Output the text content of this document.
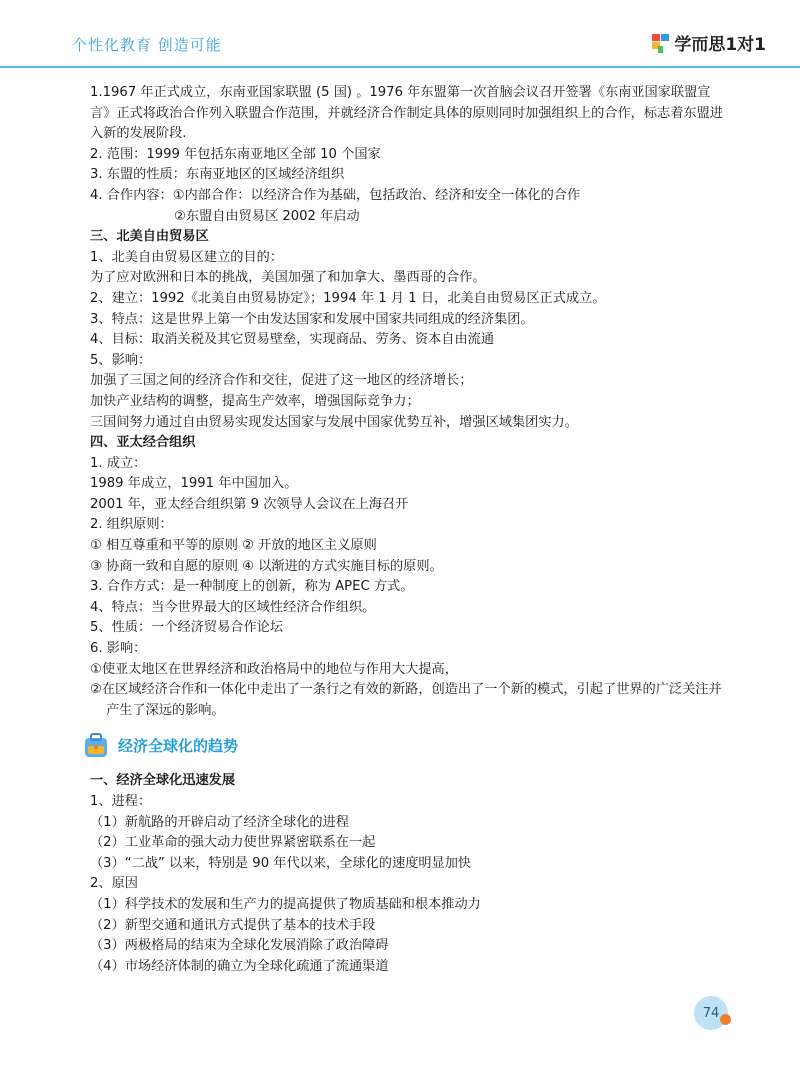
个性化教育 创造可能	学而思1对1
1.1967 年正式成立，东南亚国家联盟 (5 国) 。1976 年东盟第一次首脑会议召开签署《东南亚国家联盟宣言》正式将政治合作列入联盟合作范围，并就经济合作制定具体的原则同时加强组织上的合作，标志着东盟进入新的发展阶段.
2. 范围：1999 年包括东南亚地区全部 10 个国家
3. 东盟的性质：东南亚地区的区域经济组织
4. 合作内容：①内部合作：以经济合作为基础，包括政治、经济和安全一体化的合作
②东盟自由贸易区 2002 年启动
三、北美自由贸易区
1、北美自由贸易区建立的目的：
为了应对欧洲和日本的挑战，美国加强了和加拿大、墨西哥的合作。
2、建立：1992《北美自由贸易协定》；1994 年 1 月 1 日，北美自由贸易区正式成立。
3、特点：这是世界上第一个由发达国家和发展中国家共同组成的经济集团。
4、目标：取消关税及其它贸易壁垒，实现商品、劳务、资本自由流通
5、影响：
加强了三国之间的经济合作和交往，促进了这一地区的经济增长；
加快产业结构的调整，提高生产效率，增强国际竞争力；
三国间努力通过自由贸易实现发达国家与发展中国家优势互补，增强区域集团实力。
四、亚太经合组织
1. 成立：
1989 年成立，1991 年中国加入。
2001 年，亚太经合组织第 9 次领导人会议在上海召开
2. 组织原则：
① 相互尊重和平等的原则 ② 开放的地区主义原则
③ 协商一致和自愿的原则 ④ 以渐进的方式实施目标的原则。
3. 合作方式：是一种制度上的创新，称为 APEC 方式。
4、特点：当今世界最大的区域性经济合作组织。
5、性质：一个经济贸易合作论坛
6. 影响：
①使亚太地区在世界经济和政治格局中的地位与作用大大提高，
②在区域经济合作和一体化中走出了一条行之有效的新路，创造出了一个新的模式，引起了世界的广泛关注并产生了深远的影响。
经济全球化的趋势
一、经济全球化迅速发展
1、进程：
（1）新航路的开辟启动了经济全球化的进程
（2）工业革命的强大动力使世界紧密联系在一起
（3）“二战” 以来，特别是 90 年代以来，全球化的速度明显加快
2、原因
（1）科学技术的发展和生产力的提高提供了物质基础和根本推动力
（2）新型交通和通讯方式提供了基本的技术手段
（3）两极格局的结束为全球化发展消除了政治障碍
（4）市场经济体制的确立为全球化疏通了流通渠道
74
